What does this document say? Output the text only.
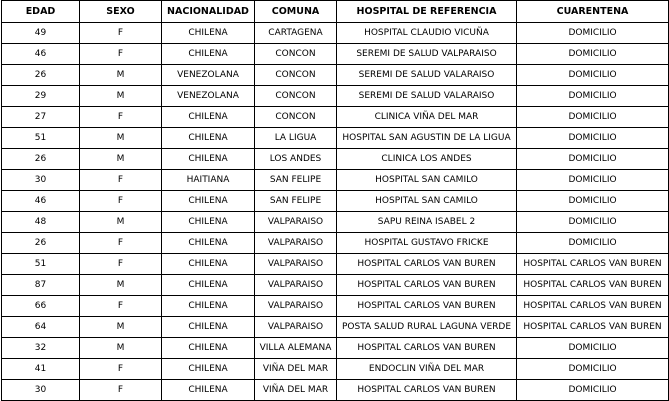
EDAD	SEXO	NACIONALIDAD	COMUNA	HOSPITAL DE REFERENCIA	CUARENTENA
49	F	CHILENA	CARTAGENA	HOSPITAL CLAUDIO VICUÑA	DOMICILIO
46	F	CHILENA	CONCON	SEREMI DE SALUD VALPARAISO	DOMICILIO
26	M	VENEZOLANA	CONCON	SEREMI DE SALUD VALARAISO	DOMICILIO
29	M	VENEZOLANA	CONCON	SEREMI DE SALUD VALARAISO	DOMICILIO
27	F	CHILENA	CONCON	CLINICA VIÑA DEL MAR	DOMICILIO
51	M	CHILENA	LA LIGUA	HOSPITAL SAN AGUSTIN DE LA LIGUA	DOMICILIO
26	M	CHILENA	LOS ANDES	CLINICA LOS ANDES	DOMICILIO
30	F	HAITIANA	SAN FELIPE	HOSPITAL SAN CAMILO	DOMICILIO
46	F	CHILENA	SAN FELIPE	HOSPITAL SAN CAMILO	DOMICILIO
48	M	CHILENA	VALPARAISO	SAPU REINA ISABEL 2	DOMICILIO
26	F	CHILENA	VALPARAISO	HOSPITAL GUSTAVO FRICKE	DOMICILIO
51	F	CHILENA	VALPARAISO	HOSPITAL CARLOS VAN BUREN	HOSPITAL CARLOS VAN BUREN
87	M	CHILENA	VALPARAISO	HOSPITAL CARLOS VAN BUREN	HOSPITAL CARLOS VAN BUREN
66	F	CHILENA	VALPARAISO	HOSPITAL CARLOS VAN BUREN	HOSPITAL CARLOS VAN BUREN
64	M	CHILENA	VALPARAISO	POSTA SALUD RURAL LAGUNA VERDE	HOSPITAL CARLOS VAN BUREN
32	M	CHILENA	VILLA ALEMANA	HOSPITAL CARLOS VAN BUREN	DOMICILIO
41	F	CHILENA	VIÑA DEL MAR	ENDOCLIN VIÑA DEL MAR	DOMICILIO
30	F	CHILENA	VIÑA DEL MAR	HOSPITAL CARLOS VAN BUREN	DOMICILIO
